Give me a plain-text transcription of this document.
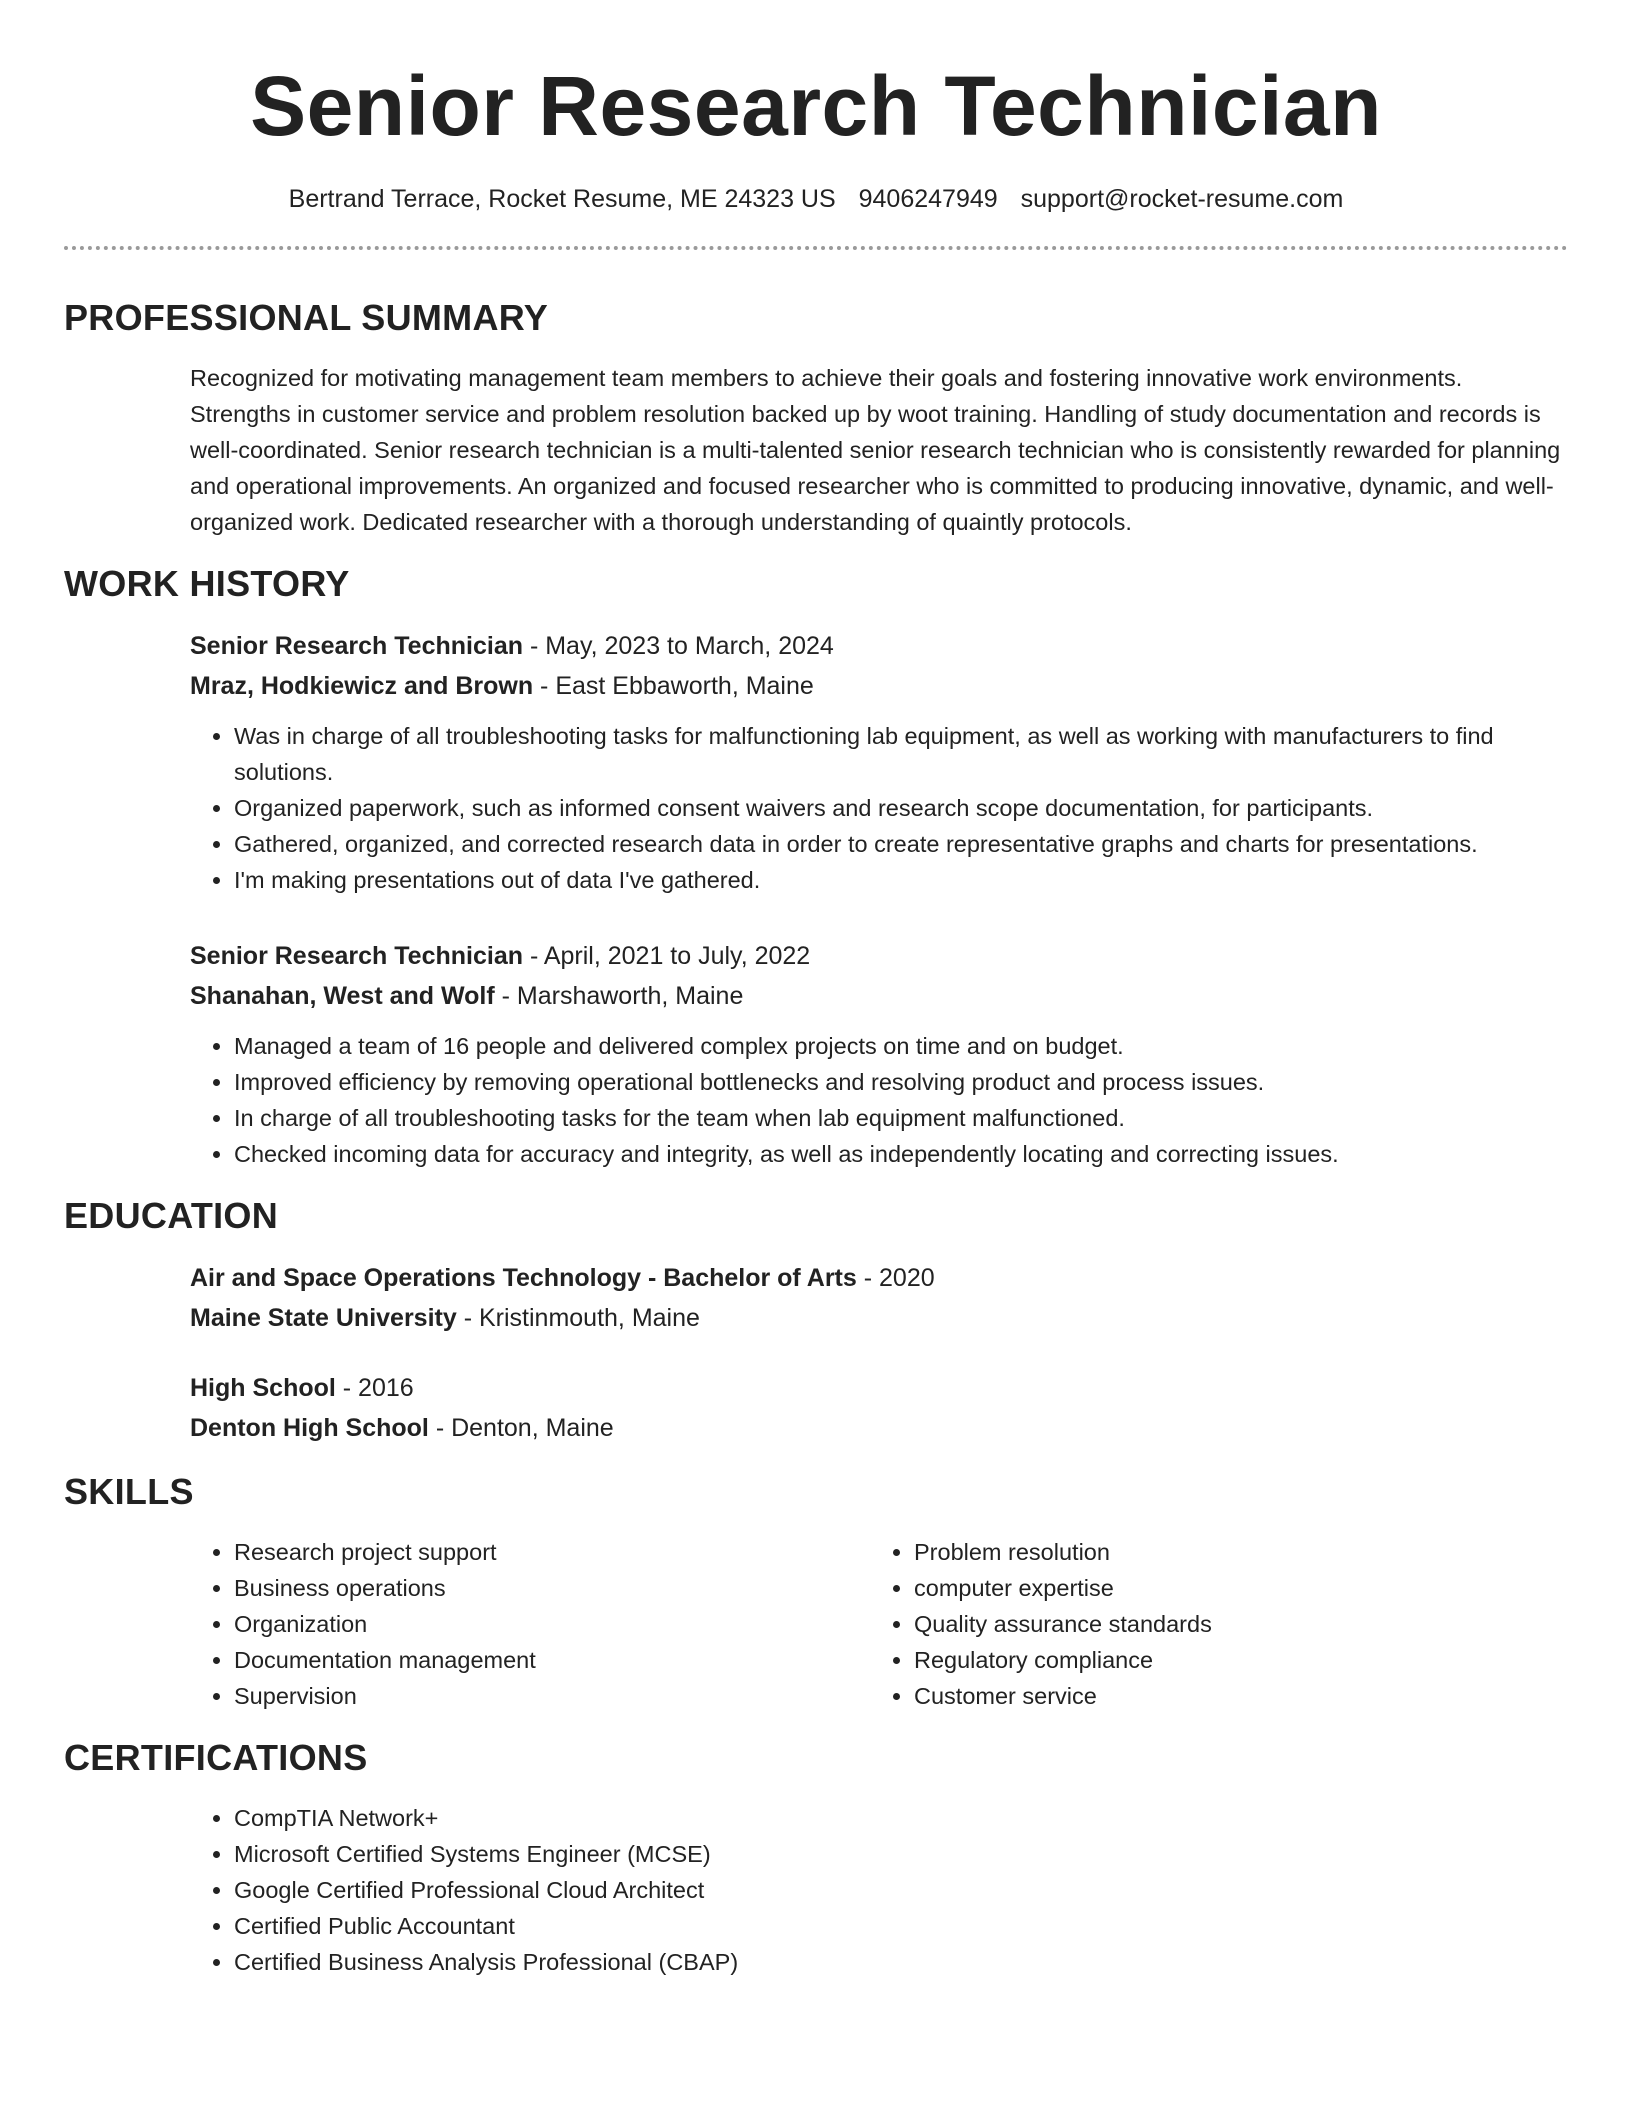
Senior Research Technician
Bertrand Terrace, Rocket Resume, ME 24323 US 9406247949 support@rocket-resume.com
PROFESSIONAL SUMMARY

Recognized for motivating management team members to achieve their goals and fostering innovative work environments. Strengths in customer service and problem resolution backed up by woot training. Handling of study documentation and records is well-coordinated. Senior research technician is a multi-talented senior research technician who is consistently rewarded for planning and operational improvements. An organized and focused researcher who is committed to producing innovative, dynamic, and well-organized work. Dedicated researcher with a thorough understanding of quaintly protocols.

WORK HISTORY
Senior Research Technician - May, 2023 to March, 2024
Mraz, Hodkiewicz and Brown - East Ebbaworth, Maine
• Was in charge of all troubleshooting tasks for malfunctioning lab equipment, as well as working with manufacturers to find solutions.
• Organized paperwork, such as informed consent waivers and research scope documentation, for participants.
• Gathered, organized, and corrected research data in order to create representative graphs and charts for presentations.
• I'm making presentations out of data I've gathered.
Senior Research Technician - April, 2021 to July, 2022
Shanahan, West and Wolf - Marshaworth, Maine
• Managed a team of 16 people and delivered complex projects on time and on budget.
• Improved efficiency by removing operational bottlenecks and resolving product and process issues.
• In charge of all troubleshooting tasks for the team when lab equipment malfunctioned.
• Checked incoming data for accuracy and integrity, as well as independently locating and correcting issues.
EDUCATION
Air and Space Operations Technology - Bachelor of Arts - 2020
Maine State University - Kristinmouth, Maine
High School - 2016
Denton High School - Denton, Maine
SKILLS
• Research project support
• Business operations
• Organization
• Documentation management
• Supervision
• Problem resolution
• computer expertise
• Quality assurance standards
• Regulatory compliance
• Customer service
CERTIFICATIONS
• CompTIA Network+
• Microsoft Certified Systems Engineer (MCSE)
• Google Certified Professional Cloud Architect
• Certified Public Accountant
• Certified Business Analysis Professional (CBAP)
